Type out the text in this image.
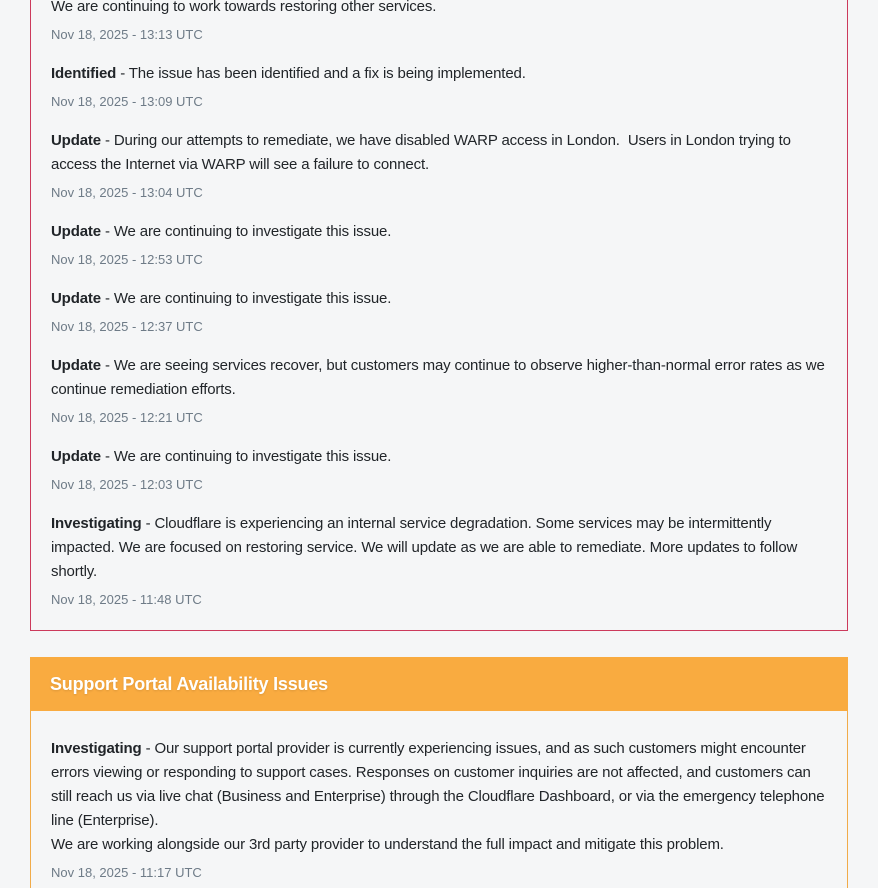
We are continuing to work towards restoring other services.

Nov 18, 2025 - 13:13 UTC

Identified - The issue has been identified and a fix is being implemented.

Nov 18, 2025 - 13:09 UTC

Update - During our attempts to remediate, we have disabled WARP access in London.  Users in London trying to access the Internet via WARP will see a failure to connect.

Nov 18, 2025 - 13:04 UTC

Update - We are continuing to investigate this issue.

Nov 18, 2025 - 12:53 UTC

Update - We are continuing to investigate this issue.

Nov 18, 2025 - 12:37 UTC

Update - We are seeing services recover, but customers may continue to observe higher-than-normal error rates as we continue remediation efforts.

Nov 18, 2025 - 12:21 UTC

Update - We are continuing to investigate this issue.

Nov 18, 2025 - 12:03 UTC

Investigating - Cloudflare is experiencing an internal service degradation. Some services may be intermittently impacted. We are focused on restoring service. We will update as we are able to remediate. More updates to follow shortly.

Nov 18, 2025 - 11:48 UTC
Support Portal Availability Issues

Investigating - Our support portal provider is currently experiencing issues, and as such customers might encounter errors viewing or responding to support cases. Responses on customer inquiries are not affected, and customers can still reach us via live chat (Business and Enterprise) through the Cloudflare Dashboard, or via the emergency telephone line (Enterprise).

We are working alongside our 3rd party provider to understand the full impact and mitigate this problem.

Nov 18, 2025 - 11:17 UTC
